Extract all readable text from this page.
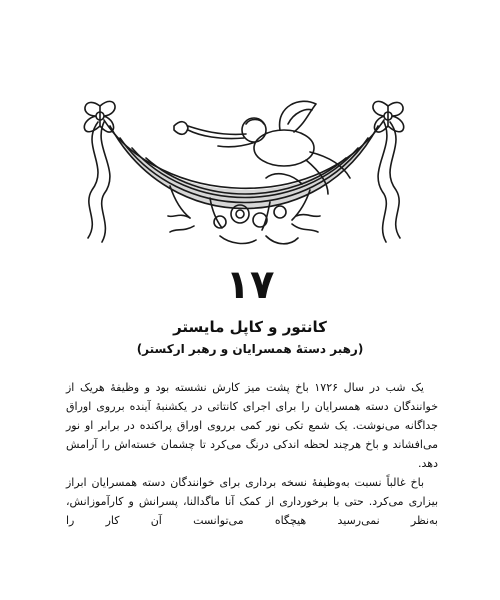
۱۷
کانتور و کاپل مایستر
(رهبر دستهٔ همسرایان و رهبر ارکستر)

یک شب در سال ۱۷۲۶ باخ پشت میز کارش نشسته بود و وظیفهٔ هریک از خوانندگان دسته همسرایان را برای اجرای کانتاتی در یکشنبهٔ آینده برروی اوراق جداگانه می‌نوشت. یک شمع تکی نور کمی برروی اوراق پراکنده در برابر او نور می‌افشاند و باخ هرچند لحظه اندکی درنگ می‌کرد تا چشمان خسته‌اش را آرامش دهد.

باخ غالباً نسبت به‌وظیفهٔ نسخه برداری برای خوانندگان دسته همسرایان ابراز بیزاری می‌کرد. حتی با برخورداری از کمک آنا ماگدالنا، پسرانش و کارآموزانش، به‌نظر نمی‌رسید هیچگاه می‌توانست آن کار را
